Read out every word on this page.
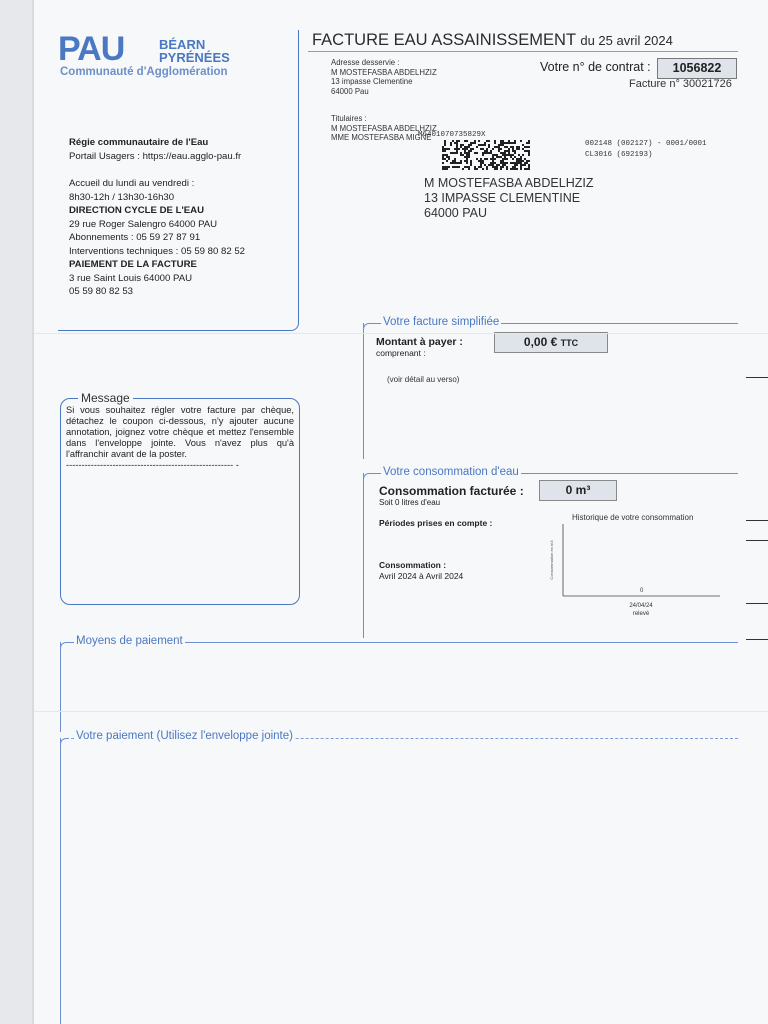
PAU	BÉARN
PYRÉNÉES
Communauté d'Agglomération
Régie communautaire de l'Eau
Portail Usagers : https://eau.agglo-pau.fr
Accueil du lundi au vendredi :
8h30-12h / 13h30-16h30
DIRECTION CYCLE DE L'EAU
29 rue Roger Salengro 64000 PAU
Abonnements : 05 59 27 87 91
Interventions techniques : 05 59 80 82 52
PAIEMENT DE LA FACTURE
3 rue Saint Louis 64000 PAU
05 59 80 82 53
FACTURE EAU ASSAINISSEMENT du 25 avril 2024
Adresse desservie :
M MOSTEFASBA ABDELHZIZ
13 impasse Clementine
64000 Pau
Votre n° de contrat :	1056822
Facture n° 30021726
Titulaires :
M MOSTEFASBA ABDELHZIZ
MME MOSTEFASBA MIGNE
M6401070735829X
002148 (002127) - 0001/0001
CL3016 (692193)
M MOSTEFASBA ABDELHZIZ
13 IMPASSE CLEMENTINE
64000 PAU
Votre facture simplifiée
Montant à payer :
comprenant :
0,00 € TTC
(voir détail au verso)
Message
Si vous souhaitez régler votre facture par chèque, détachez le coupon ci-dessous, n'y ajouter aucune annotation, joignez votre chèque et mettez l'ensemble dans l'enveloppe jointe. Vous n'avez plus qu'à l'affranchir avant de la poster.
------------------------------------------------------ -
Votre consommation d'eau
Consommation facturée :	0 m³
Soit 0 litres d'eau
Périodes prises en compte :
Consommation :
Avril 2024 à Avril 2024
Historique de votre consommation
Consommation en m3
0
24/04/24
relevé
Moyens de paiement
Votre paiement (Utilisez l'enveloppe jointe)
